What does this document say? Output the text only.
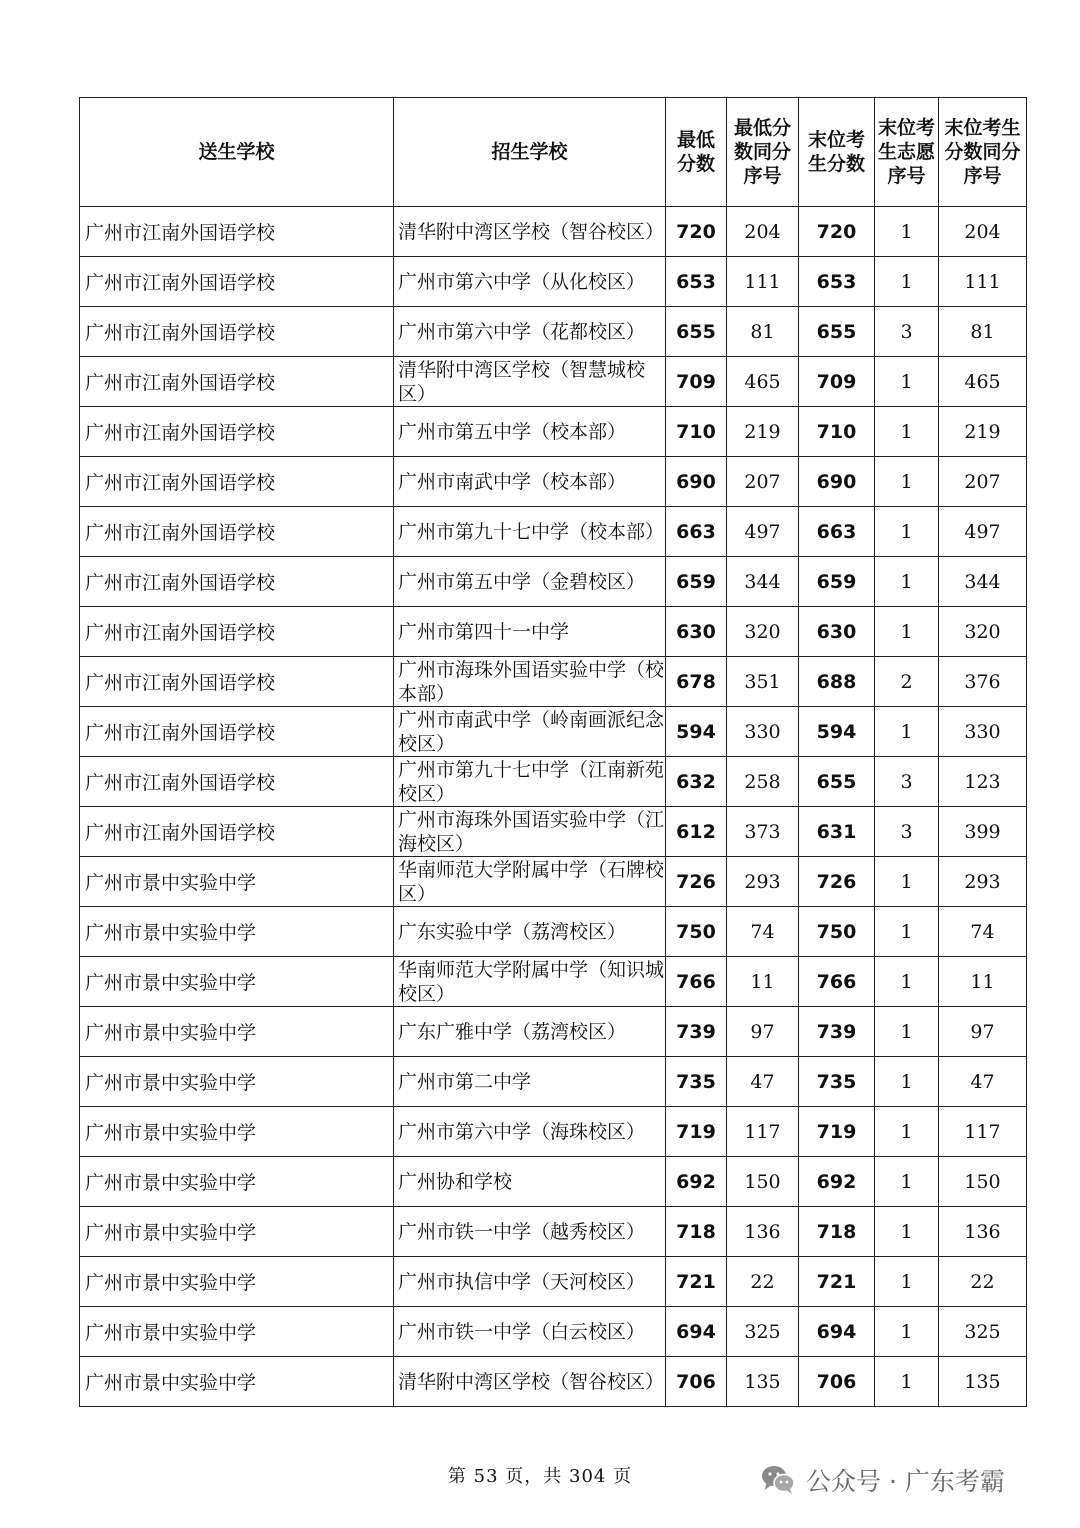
送生学校	招生学校	最低分数	最低分数同分序号	末位考生分数	末位考生志愿序号	末位考生分数同分序号
广州市江南外国语学校	清华附中湾区学校（智谷校区）	720	204	720	1	204
广州市江南外国语学校	广州市第六中学（从化校区）	653	111	653	1	111
广州市江南外国语学校	广州市第六中学（花都校区）	655	81	655	3	81
广州市江南外国语学校	清华附中湾区学校（智慧城校区）	709	465	709	1	465
广州市江南外国语学校	广州市第五中学（校本部）	710	219	710	1	219
广州市江南外国语学校	广州市南武中学（校本部）	690	207	690	1	207
广州市江南外国语学校	广州市第九十七中学（校本部）	663	497	663	1	497
广州市江南外国语学校	广州市第五中学（金碧校区）	659	344	659	1	344
广州市江南外国语学校	广州市第四十一中学	630	320	630	1	320
广州市江南外国语学校	广州市海珠外国语实验中学（校本部）	678	351	688	2	376
广州市江南外国语学校	广州市南武中学（岭南画派纪念校区）	594	330	594	1	330
广州市江南外国语学校	广州市第九十七中学（江南新苑校区）	632	258	655	3	123
广州市江南外国语学校	广州市海珠外国语实验中学（江海校区）	612	373	631	3	399
广州市景中实验中学	华南师范大学附属中学（石牌校区）	726	293	726	1	293
广州市景中实验中学	广东实验中学（荔湾校区）	750	74	750	1	74
广州市景中实验中学	华南师范大学附属中学（知识城校区）	766	11	766	1	11
广州市景中实验中学	广东广雅中学（荔湾校区）	739	97	739	1	97
广州市景中实验中学	广州市第二中学	735	47	735	1	47
广州市景中实验中学	广州市第六中学（海珠校区）	719	117	719	1	117
广州市景中实验中学	广州协和学校	692	150	692	1	150
广州市景中实验中学	广州市铁一中学（越秀校区）	718	136	718	1	136
广州市景中实验中学	广州市执信中学（天河校区）	721	22	721	1	22
广州市景中实验中学	广州市铁一中学（白云校区）	694	325	694	1	325
广州市景中实验中学	清华附中湾区学校（智谷校区）	706	135	706	1	135
第 53 页，共 304 页	公众号 · 广东考霸
